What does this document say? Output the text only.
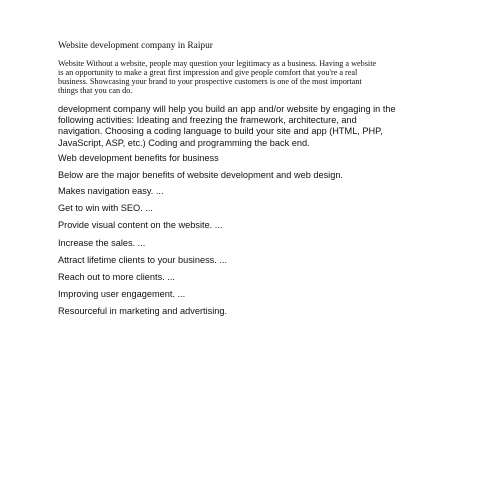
Website development company in Raipur
Website Without a website, people may question your legitimacy as a business. Having a website
is an opportunity to make a great first impression and give people comfort that you're a real
business. Showcasing your brand to your prospective customers is one of the most important
things that you can do.
development company will help you build an app and/or website by engaging in the
following activities: Ideating and freezing the framework, architecture, and
navigation. Choosing a coding language to build your site and app (HTML, PHP,
JavaScript, ASP, etc.) Coding and programming the back end.
Web development benefits for business
Below are the major benefits of website development and web design.
Makes navigation easy. ...
Get to win with SEO. ...
Provide visual content on the website. ...
Increase the sales. ...
Attract lifetime clients to your business. ...
Reach out to more clients. ...
Improving user engagement. ...
Resourceful in marketing and advertising.
